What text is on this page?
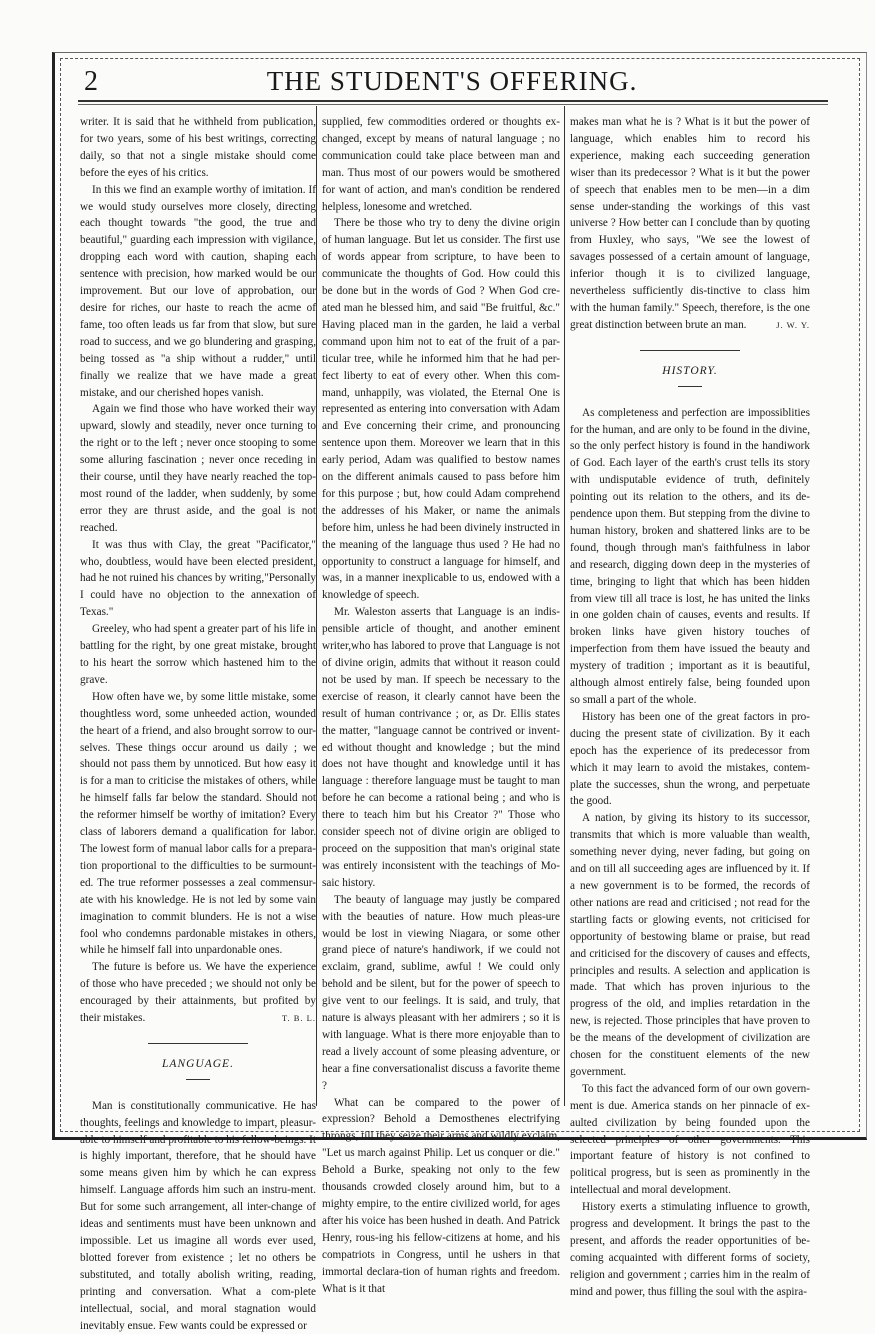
2	THE STUDENT'S OFFERING.

writer. It is said that he withheld from publication, for two years, some of his best writings, correcting daily, so that not a single mistake should come before the eyes of his critics.

In this we find an example worthy of imitation. If we would study ourselves more closely, directing each thought towards "the good, the true and beautiful," guarding each impression with vigilance, dropping each word with caution, shaping each sentence with precision, how marked would be our improvement. But our love of approbation, our desire for riches, our haste to reach the acme of fame, too often leads us far from that slow, but sure road to success, and we go blundering and grasping, being tossed as "a ship without a rudder," until finally we realize that we have made a great mistake, and our cherished hopes vanish.

Again we find those who have worked their way upward, slowly and steadily, never once turning to the right or to the left ; never once stooping to some some alluring fascination ; never once receding in their course, until they have nearly reached the top-most round of the ladder, when suddenly, by some error they are thrust aside, and the goal is not reached.

It was thus with Clay, the great "Pacificator," who, doubtless, would have been elected president, had he not ruined his chances by writing,"Personally I could have no objection to the annexation of Texas."

Greeley, who had spent a greater part of his life in battling for the right, by one great mistake, brought to his heart the sorrow which hastened him to the grave.

How often have we, by some little mistake, some thoughtless word, some unheeded action, wounded the heart of a friend, and also brought sorrow to our-selves. These things occur around us daily ; we should not pass them by unnoticed. But how easy it is for a man to criticise the mistakes of others, while he himself falls far below the standard. Should not the reformer himself be worthy of imitation? Every class of laborers demand a qualification for labor. The lowest form of manual labor calls for a prepara-tion proportional to the difficulties to be surmount-ed. The true reformer possesses a zeal commensur-ate with his knowledge. He is not led by some vain imagination to commit blunders. He is not a wise fool who condemns pardonable mistakes in others, while he himself fall into unpardonable ones.

The future is before us. We have the experience of those who have preceded ; we should not only be encouraged by their attainments, but profited by their mistakes.	T. B. L.
LANGUAGE.

Man is constitutionally communicative. He has thoughts, feelings and knowledge to impart, pleasur-able to himself and profitable to his fellow-beings. It is highly important, therefore, that he should have some means given him by which he can express himself. Language affords him such an instru-ment. But for some such arrangement, all inter-change of ideas and sentiments must have been unknown and impossible. Let us imagine all words ever used, blotted forever from existence ; let no others be substituted, and totally abolish writing, reading, printing and conversation. What a com-plete intellectual, social, and moral stagnation would inevitably ensue. Few wants could be expressed or

supplied, few commodities ordered or thoughts ex-changed, except by means of natural language ; no communication could take place between man and man. Thus most of our powers would be smothered for want of action, and man's condition be rendered helpless, lonesome and wretched.

There be those who try to deny the divine origin of human language. But let us consider. The first use of words appear from scripture, to have been to communicate the thoughts of God. How could this be done but in the words of God ? When God cre-ated man he blessed him, and said "Be fruitful, &c." Having placed man in the garden, he laid a verbal command upon him not to eat of the fruit of a par-ticular tree, while he informed him that he had per-fect liberty to eat of every other. When this com-mand, unhappily, was violated, the Eternal One is represented as entering into conversation with Adam and Eve concerning their crime, and pronouncing sentence upon them. Moreover we learn that in this early period, Adam was qualified to bestow names on the different animals caused to pass before him for this purpose ; but, how could Adam comprehend the addresses of his Maker, or name the animals before him, unless he had been divinely instructed in the meaning of the language thus used ? He had no opportunity to construct a language for himself, and was, in a manner inexplicable to us, endowed with a knowledge of speech.

Mr. Waleston asserts that Language is an indis-pensible article of thought, and another eminent writer,who has labored to prove that Language is not of divine origin, admits that without it reason could not be used by man. If speech be necessary to the exercise of reason, it clearly cannot have been the result of human contrivance ; or, as Dr. Ellis states the matter, "language cannot be contrived or invent-ed without thought and knowledge ; but the mind does not have thought and knowledge until it has language : therefore language must be taught to man before he can become a rational being ; and who is there to teach him but his Creator ?" Those who consider speech not of divine origin are obliged to proceed on the supposition that man's original state was entirely inconsistent with the teachings of Mo-saic history.

The beauty of language may justly be compared with the beauties of nature. How much pleas-ure would be lost in viewing Niagara, or some other grand piece of nature's handiwork, if we could not exclaim, grand, sublime, awful ! We could only behold and be silent, but for the power of speech to give vent to our feelings. It is said, and truly, that nature is always pleasant with her admirers ; so it is with language. What is there more enjoyable than to read a lively account of some pleasing adventure, or hear a fine conversationalist discuss a favorite theme ?

What can be compared to the power of expression? Behold a Demosthenes electrifying throngs, till they seize their arms and wildly exclaim, "Let us march against Philip. Let us conquer or die." Behold a Burke, speaking not only to the few thousands crowded closely around him, but to a mighty empire, to the entire civilized world, for ages after his voice has been hushed in death. And Patrick Henry, rous-ing his fellow-citizens at home, and his compatriots in Congress, until he ushers in that immortal declara-tion of human rights and freedom. What is it that

makes man what he is ? What is it but the power of language, which enables him to record his experience, making each succeeding generation wiser than its predecessor ? What is it but the power of speech that enables men to be men—in a dim sense under-standing the workings of this vast universe ? How better can I conclude than by quoting from Huxley, who says, "We see the lowest of savages possessed of a certain amount of language, inferior though it is to civilized language, nevertheless sufficiently dis-tinctive to class him with the human family." Speech, therefore, is the one great distinction between brute an man.	J. W. Y.
HISTORY.

As completeness and perfection are impossiblities for the human, and are only to be found in the divine, so the only perfect history is found in the handiwork of God. Each layer of the earth's crust tells its story with undisputable evidence of truth, definitely pointing out its relation to the others, and its de-pendence upon them. But stepping from the divine to human history, broken and shattered links are to be found, though through man's faithfulness in labor and research, digging down deep in the mysteries of time, bringing to light that which has been hidden from view till all trace is lost, he has united the links in one golden chain of causes, events and results. If broken links have given history touches of imperfection from them have issued the beauty and mystery of tradition ; important as it is beautiful, although almost entirely false, being founded upon so small a part of the whole.

History has been one of the great factors in pro-ducing the present state of civilization. By it each epoch has the experience of its predecessor from which it may learn to avoid the mistakes, contem-plate the successes, shun the wrong, and perpetuate the good.

A nation, by giving its history to its successor, transmits that which is more valuable than wealth, something never dying, never fading, but going on and on till all succeeding ages are influenced by it. If a new government is to be formed, the records of other nations are read and criticised ; not read for the startling facts or glowing events, not criticised for opportunity of bestowing blame or praise, but read and criticised for the discovery of causes and effects, principles and results. A selection and application is made. That which has proven injurious to the progress of the old, and implies retardation in the new, is rejected. Those principles that have proven to be the means of the development of civilization are chosen for the constituent elements of the new government.

To this fact the advanced form of our own govern-ment is due. America stands on her pinnacle of ex-aulted civilization by being founded upon the selected principles of other governments. This important feature of history is not confined to political progress, but is seen as prominently in the intellectual and moral development.

History exerts a stimulating influence to growth, progress and development. It brings the past to the present, and affords the reader opportunities of be-coming acquainted with different forms of society, religion and government ; carries him in the realm of mind and power, thus filling the soul with the aspira-
